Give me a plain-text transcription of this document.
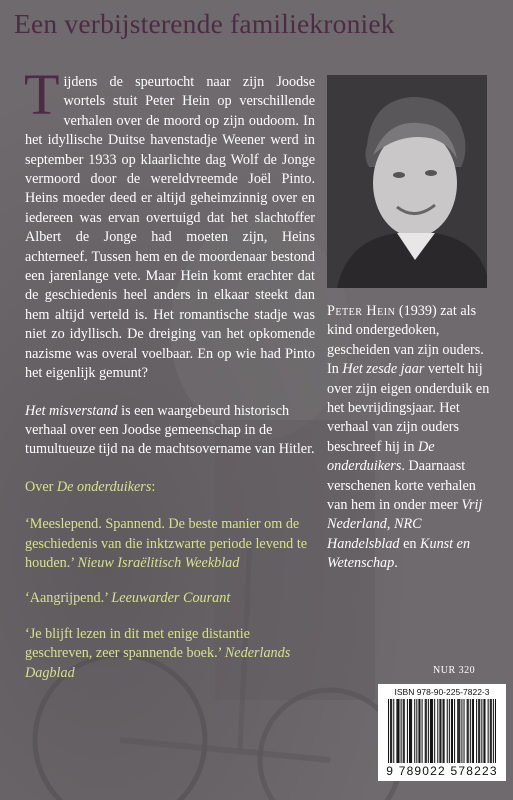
Een verbijsterende familiekroniek

Tijdens de speurtocht naar zijn Joodse wortels stuit Peter Hein op verschillende verhalen over de moord op zijn oudoom. In het idyllische Duitse havenstadje Weener werd in september 1933 op klaarlichte dag Wolf de Jonge vermoord door de wereldvreemde Joël Pinto. Heins moeder deed er altijd geheimzinnig over en iedereen was ervan overtuigd dat het slachtoffer Albert de Jonge had moeten zijn, Heins achterneef. Tussen hem en de moordenaar bestond een jarenlange vete. Maar Hein komt erachter dat de geschiedenis heel anders in elkaar steekt dan hem altijd verteld is. Het romantische stadje was niet zo idyllisch. De dreiging van het opkomende nazisme was overal voelbaar. En op wie had Pinto het eigenlijk gemunt?

Het misverstand is een waargebeurd historisch verhaal over een Joodse gemeenschap in de tumultueuze tijd na de machtsovername van Hitler.

Over De onderduikers:

‘Meeslepend. Spannend. De beste manier om de geschiedenis van die inktzwarte periode levend te houden.’ Nieuw Israëlitisch Weekblad

‘Aangrijpend.’ Leeuwarder Courant

‘Je blijft lezen in dit met enige distantie geschreven, zeer spannende boek.’ Nederlands Dagblad

Peter Hein (1939) zat als kind ondergedoken, gescheiden van zijn ouders. In Het zesde jaar vertelt hij over zijn eigen onderduik en het bevrijdingsjaar. Het verhaal van zijn ouders beschreef hij in De onderduikers. Daarnaast verschenen korte verhalen van hem in onder meer Vrij Nederland, NRC Handelsblad en Kunst en Wetenschap.
NUR 320
ISBN 978-90-225-7822-3
9 789022 578223
